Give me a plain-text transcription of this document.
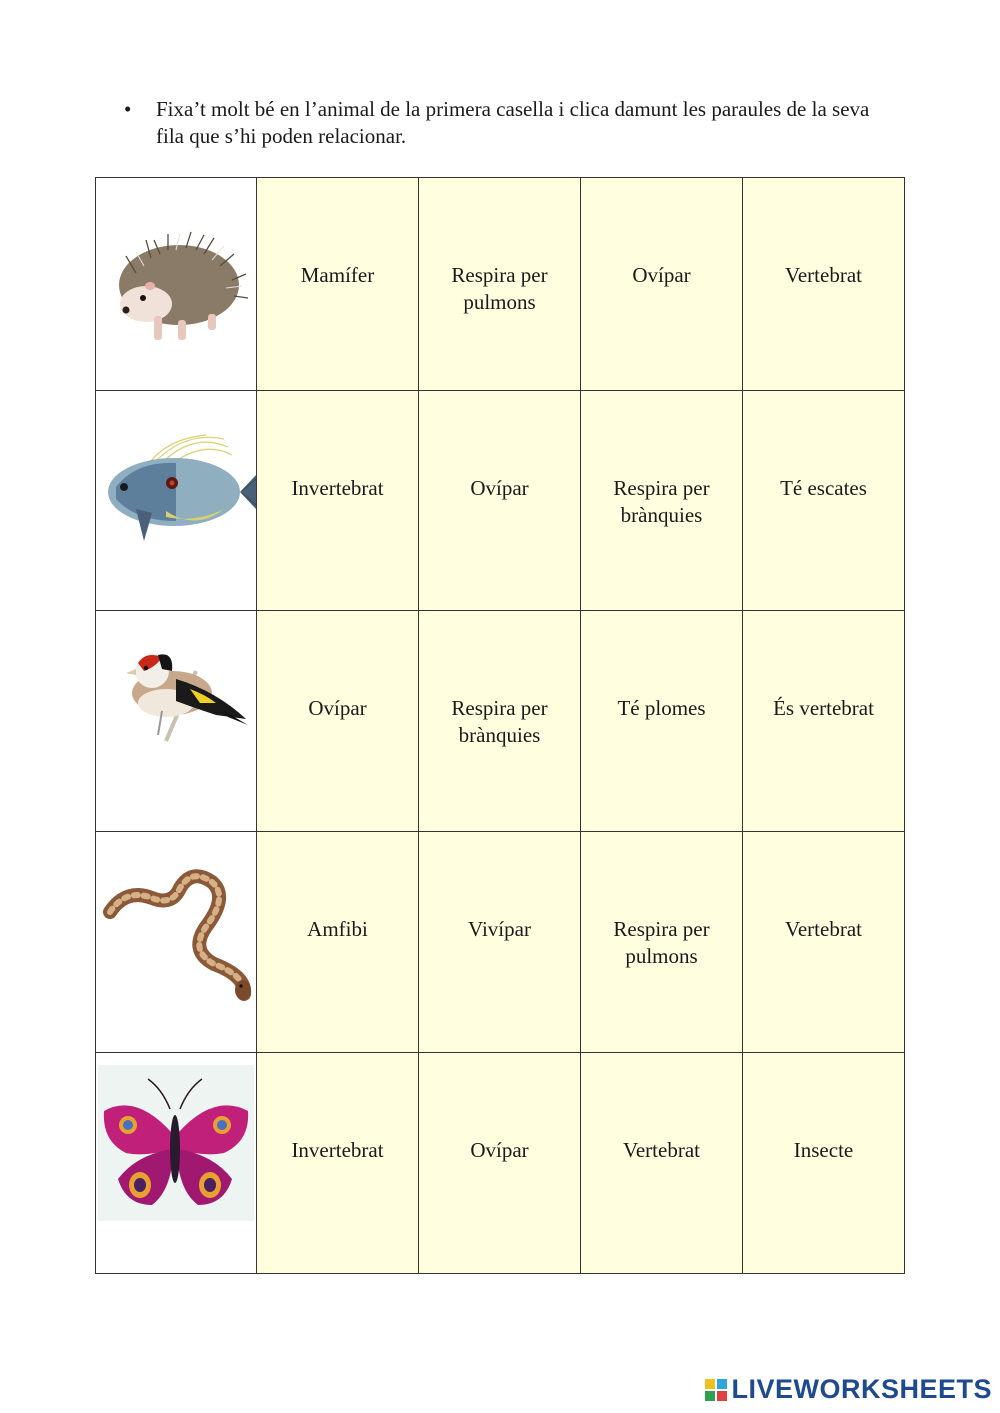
•	Fixa’t molt bé en l’animal de la primera casella i clica damunt les paraules de la seva fila que s’hi poden relacionar.

Mamífer	Respira per pulmons	Ovípar	Vertebrat

Invertebrat	Ovípar	Respira per brànquies	Té escates

Ovípar	Respira per brànquies	Té plomes	És vertebrat

Amfibi	Vivípar	Respira per pulmons	Vertebrat

Invertebrat	Ovípar	Vertebrat	Insecte
LIVEWORKSHEETS
